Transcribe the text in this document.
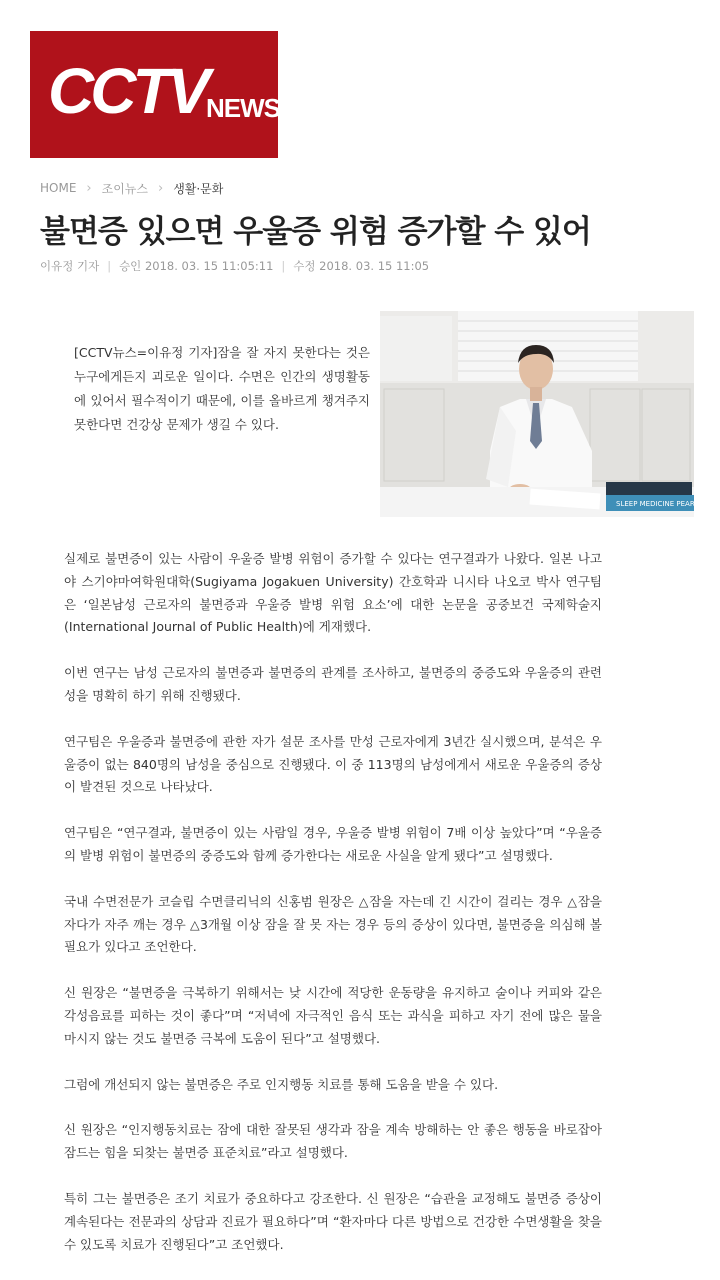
CCTV NEWS
HOME › 조이뉴스 › 생활·문화
불면증 있으면 우울증 위험 증가할 수 있어
이유정 기자 | 승인 2018. 03. 15 11:05:11 | 수정 2018. 03. 15 11:05

[CCTV뉴스=이유정 기자]잠을 잘 자지 못한다는 것은 누구에게든지 괴로운 일이다. 수면은 인간의 생명활동에 있어서 필수적이기 때문에, 이를 올바르게 챙겨주지 못한다면 건강상 문제가 생길 수 있다.

SLEEP MEDICINE PEARLS

실제로 불면증이 있는 사람이 우울증 발병 위험이 증가할 수 있다는 연구결과가 나왔다. 일본 나고야 스기야마여학원대학(Sugiyama Jogakuen University) 간호학과 니시타 나오코 박사 연구팀은 ‘일본남성 근로자의 불면증과 우울증 발병 위험 요소’에 대한 논문을 공중보건 국제학술지(International Journal of Public Health)에 게재했다.

이번 연구는 남성 근로자의 불면증과 불면증의 관계를 조사하고, 불면증의 중증도와 우울증의 관련성을 명확히 하기 위해 진행됐다.

연구팀은 우울증과 불면증에 관한 자가 설문 조사를 만성 근로자에게 3년간 실시했으며, 분석은 우울증이 없는 840명의 남성을 중심으로 진행됐다. 이 중 113명의 남성에게서 새로운 우울증의 증상이 발견된 것으로 나타났다.

연구팀은 “연구결과, 불면증이 있는 사람일 경우, 우울증 발병 위험이 7배 이상 높았다”며 “우울증의 발병 위험이 불면증의 중증도와 함께 증가한다는 새로운 사실을 알게 됐다”고 설명했다.

국내 수면전문가 코슬립 수면클리닉의 신홍범 원장은 △잠을 자는데 긴 시간이 걸리는 경우 △잠을 자다가 자주 깨는 경우 △3개월 이상 잠을 잘 못 자는 경우 등의 증상이 있다면, 불면증을 의심해 볼 필요가 있다고 조언한다.

신 원장은 “불면증을 극복하기 위해서는 낮 시간에 적당한 운동량을 유지하고 술이나 커피와 같은 각성음료를 피하는 것이 좋다”며 “저녁에 자극적인 음식 또는 과식을 피하고 자기 전에 많은 물을 마시지 않는 것도 불면증 극복에 도움이 된다”고 설명했다.

그럼에 개선되지 않는 불면증은 주로 인지행동 치료를 통해 도움을 받을 수 있다.

신 원장은 “인지행동치료는 잠에 대한 잘못된 생각과 잠을 계속 방해하는 안 좋은 행동을 바로잡아 잠드는 힘을 되찾는 불면증 표준치료”라고 설명했다.

특히 그는 불면증은 조기 치료가 중요하다고 강조한다. 신 원장은 “습관을 교정해도 불면증 증상이 계속된다는 전문과의 상담과 진료가 필요하다”며 “환자마다 다른 방법으로 건강한 수면생활을 찾을 수 있도록 치료가 진행된다”고 조언했다.
